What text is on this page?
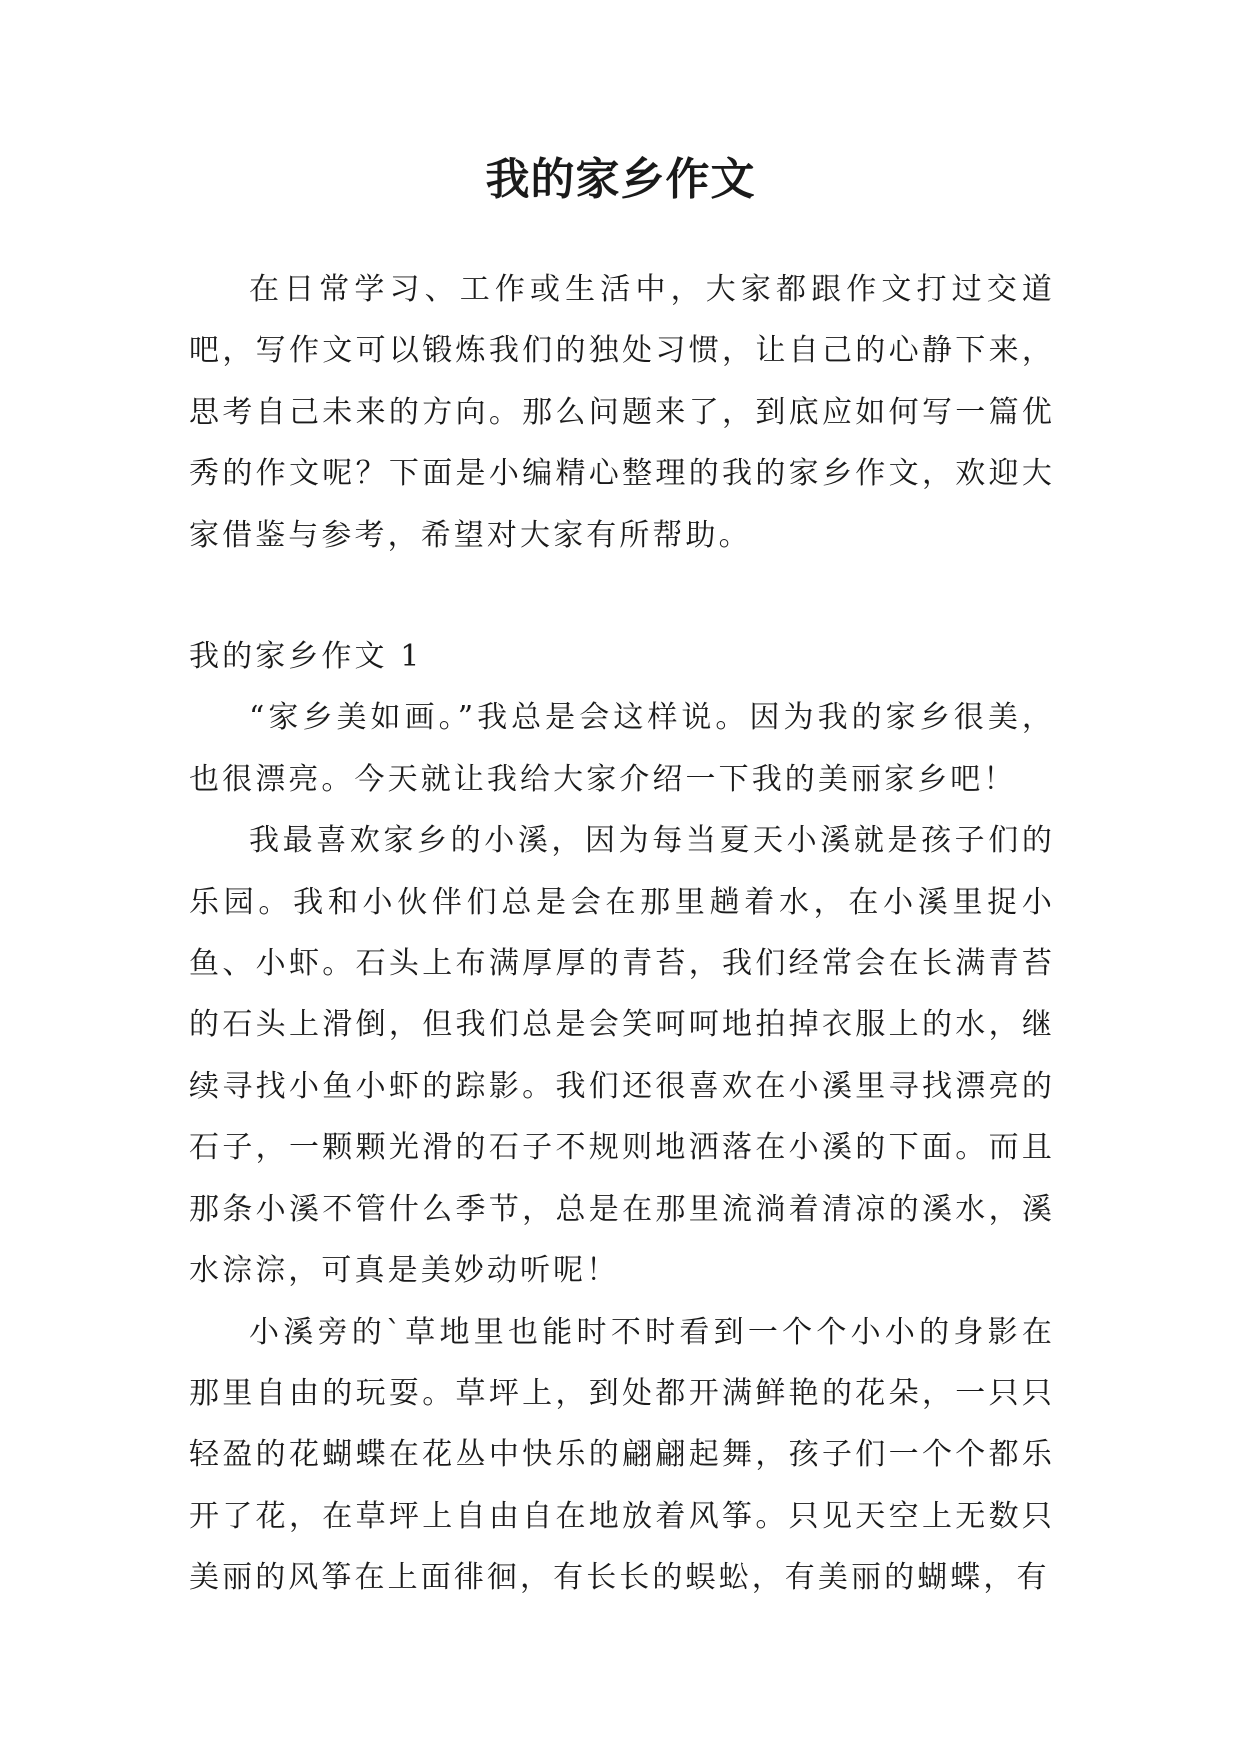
我的家乡作文

在日常学习、工作或生活中，大家都跟作文打过交道吧，写作文可以锻炼我们的独处习惯，让自己的心静下来，思考自己未来的方向。那么问题来了，到底应如何写一篇优秀的作文呢？下面是小编精心整理的我的家乡作文，欢迎大家借鉴与参考，希望对大家有所帮助。

我的家乡作文 1

“家乡美如画。”我总是会这样说。因为我的家乡很美，也很漂亮。今天就让我给大家介绍一下我的美丽家乡吧！

我最喜欢家乡的小溪，因为每当夏天小溪就是孩子们的乐园。我和小伙伴们总是会在那里趟着水，在小溪里捉小鱼、小虾。石头上布满厚厚的青苔，我们经常会在长满青苔的石头上滑倒，但我们总是会笑呵呵地拍掉衣服上的水，继续寻找小鱼小虾的踪影。我们还很喜欢在小溪里寻找漂亮的石子，一颗颗光滑的石子不规则地洒落在小溪的下面。而且那条小溪不管什么季节，总是在那里流淌着清凉的溪水，溪水淙淙，可真是美妙动听呢！

小溪旁的`草地里也能时不时看到一个个小小的身影在那里自由的玩耍。草坪上，到处都开满鲜艳的花朵，一只只轻盈的花蝴蝶在花丛中快乐的翩翩起舞，孩子们一个个都乐开了花，在草坪上自由自在地放着风筝。只见天空上无数只美丽的风筝在上面徘徊，有长长的蜈蚣，有美丽的蝴蝶，有
